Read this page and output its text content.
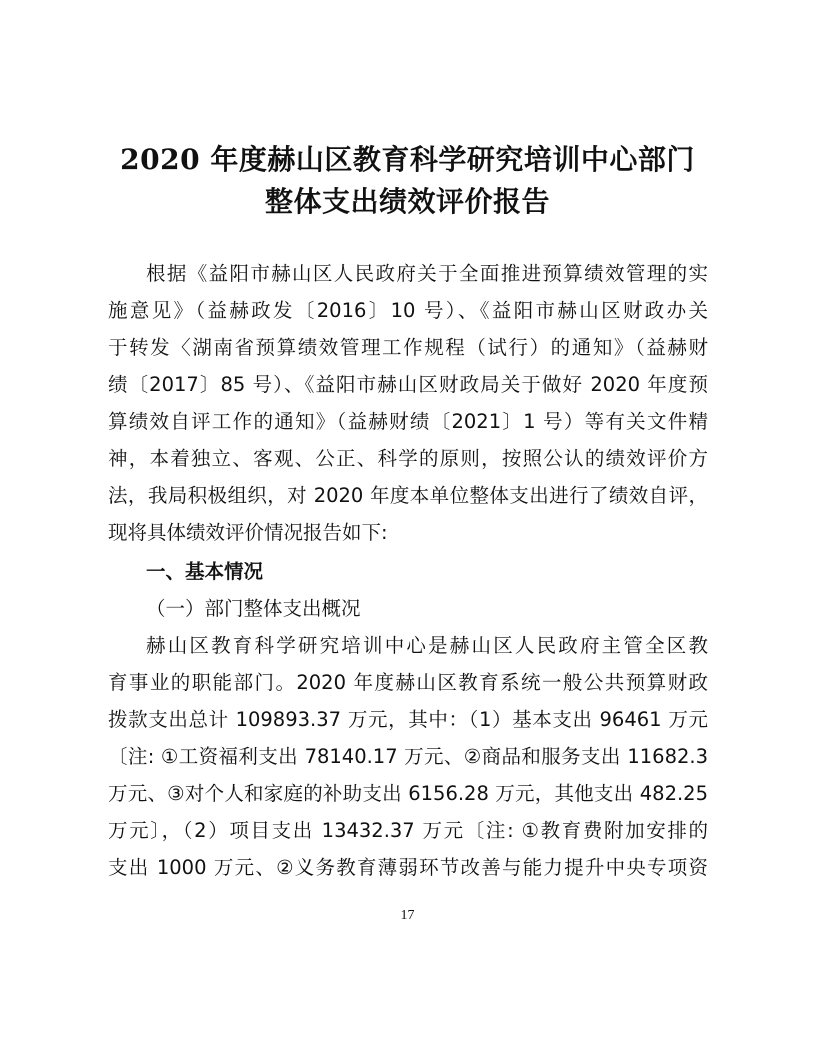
2020 年度赫山区教育科学研究培训中心部门
整体支出绩效评价报告
根据《益阳市赫山区人民政府关于全面推进预算绩效管理的实
施意见》（益赫政发〔2016〕10 号）、《益阳市赫山区财政办关
于转发〈湖南省预算绩效管理工作规程（试行）的通知》（益赫财
绩〔2017〕85 号）、《益阳市赫山区财政局关于做好 2020 年度预
算绩效自评工作的通知》（益赫财绩〔2021〕1 号）等有关文件精
神，本着独立、客观、公正、科学的原则，按照公认的绩效评价方
法，我局积极组织，对 2020 年度本单位整体支出进行了绩效自评，
现将具体绩效评价情况报告如下:
一、基本情况
（一）部门整体支出概况
赫山区教育科学研究培训中心是赫山区人民政府主管全区教
育事业的职能部门。2020 年度赫山区教育系统一般公共预算财政
拨款支出总计 109893.37 万元，其中：（1）基本支出 96461 万元
〔注: ①工资福利支出 78140.17 万元、②商品和服务支出 11682.3
万元、③对个人和家庭的补助支出 6156.28 万元，其他支出 482.25
万元〕，（2）项目支出 13432.37 万元〔注: ①教育费附加安排的
支出 1000 万元、②义务教育薄弱环节改善与能力提升中央专项资
17
